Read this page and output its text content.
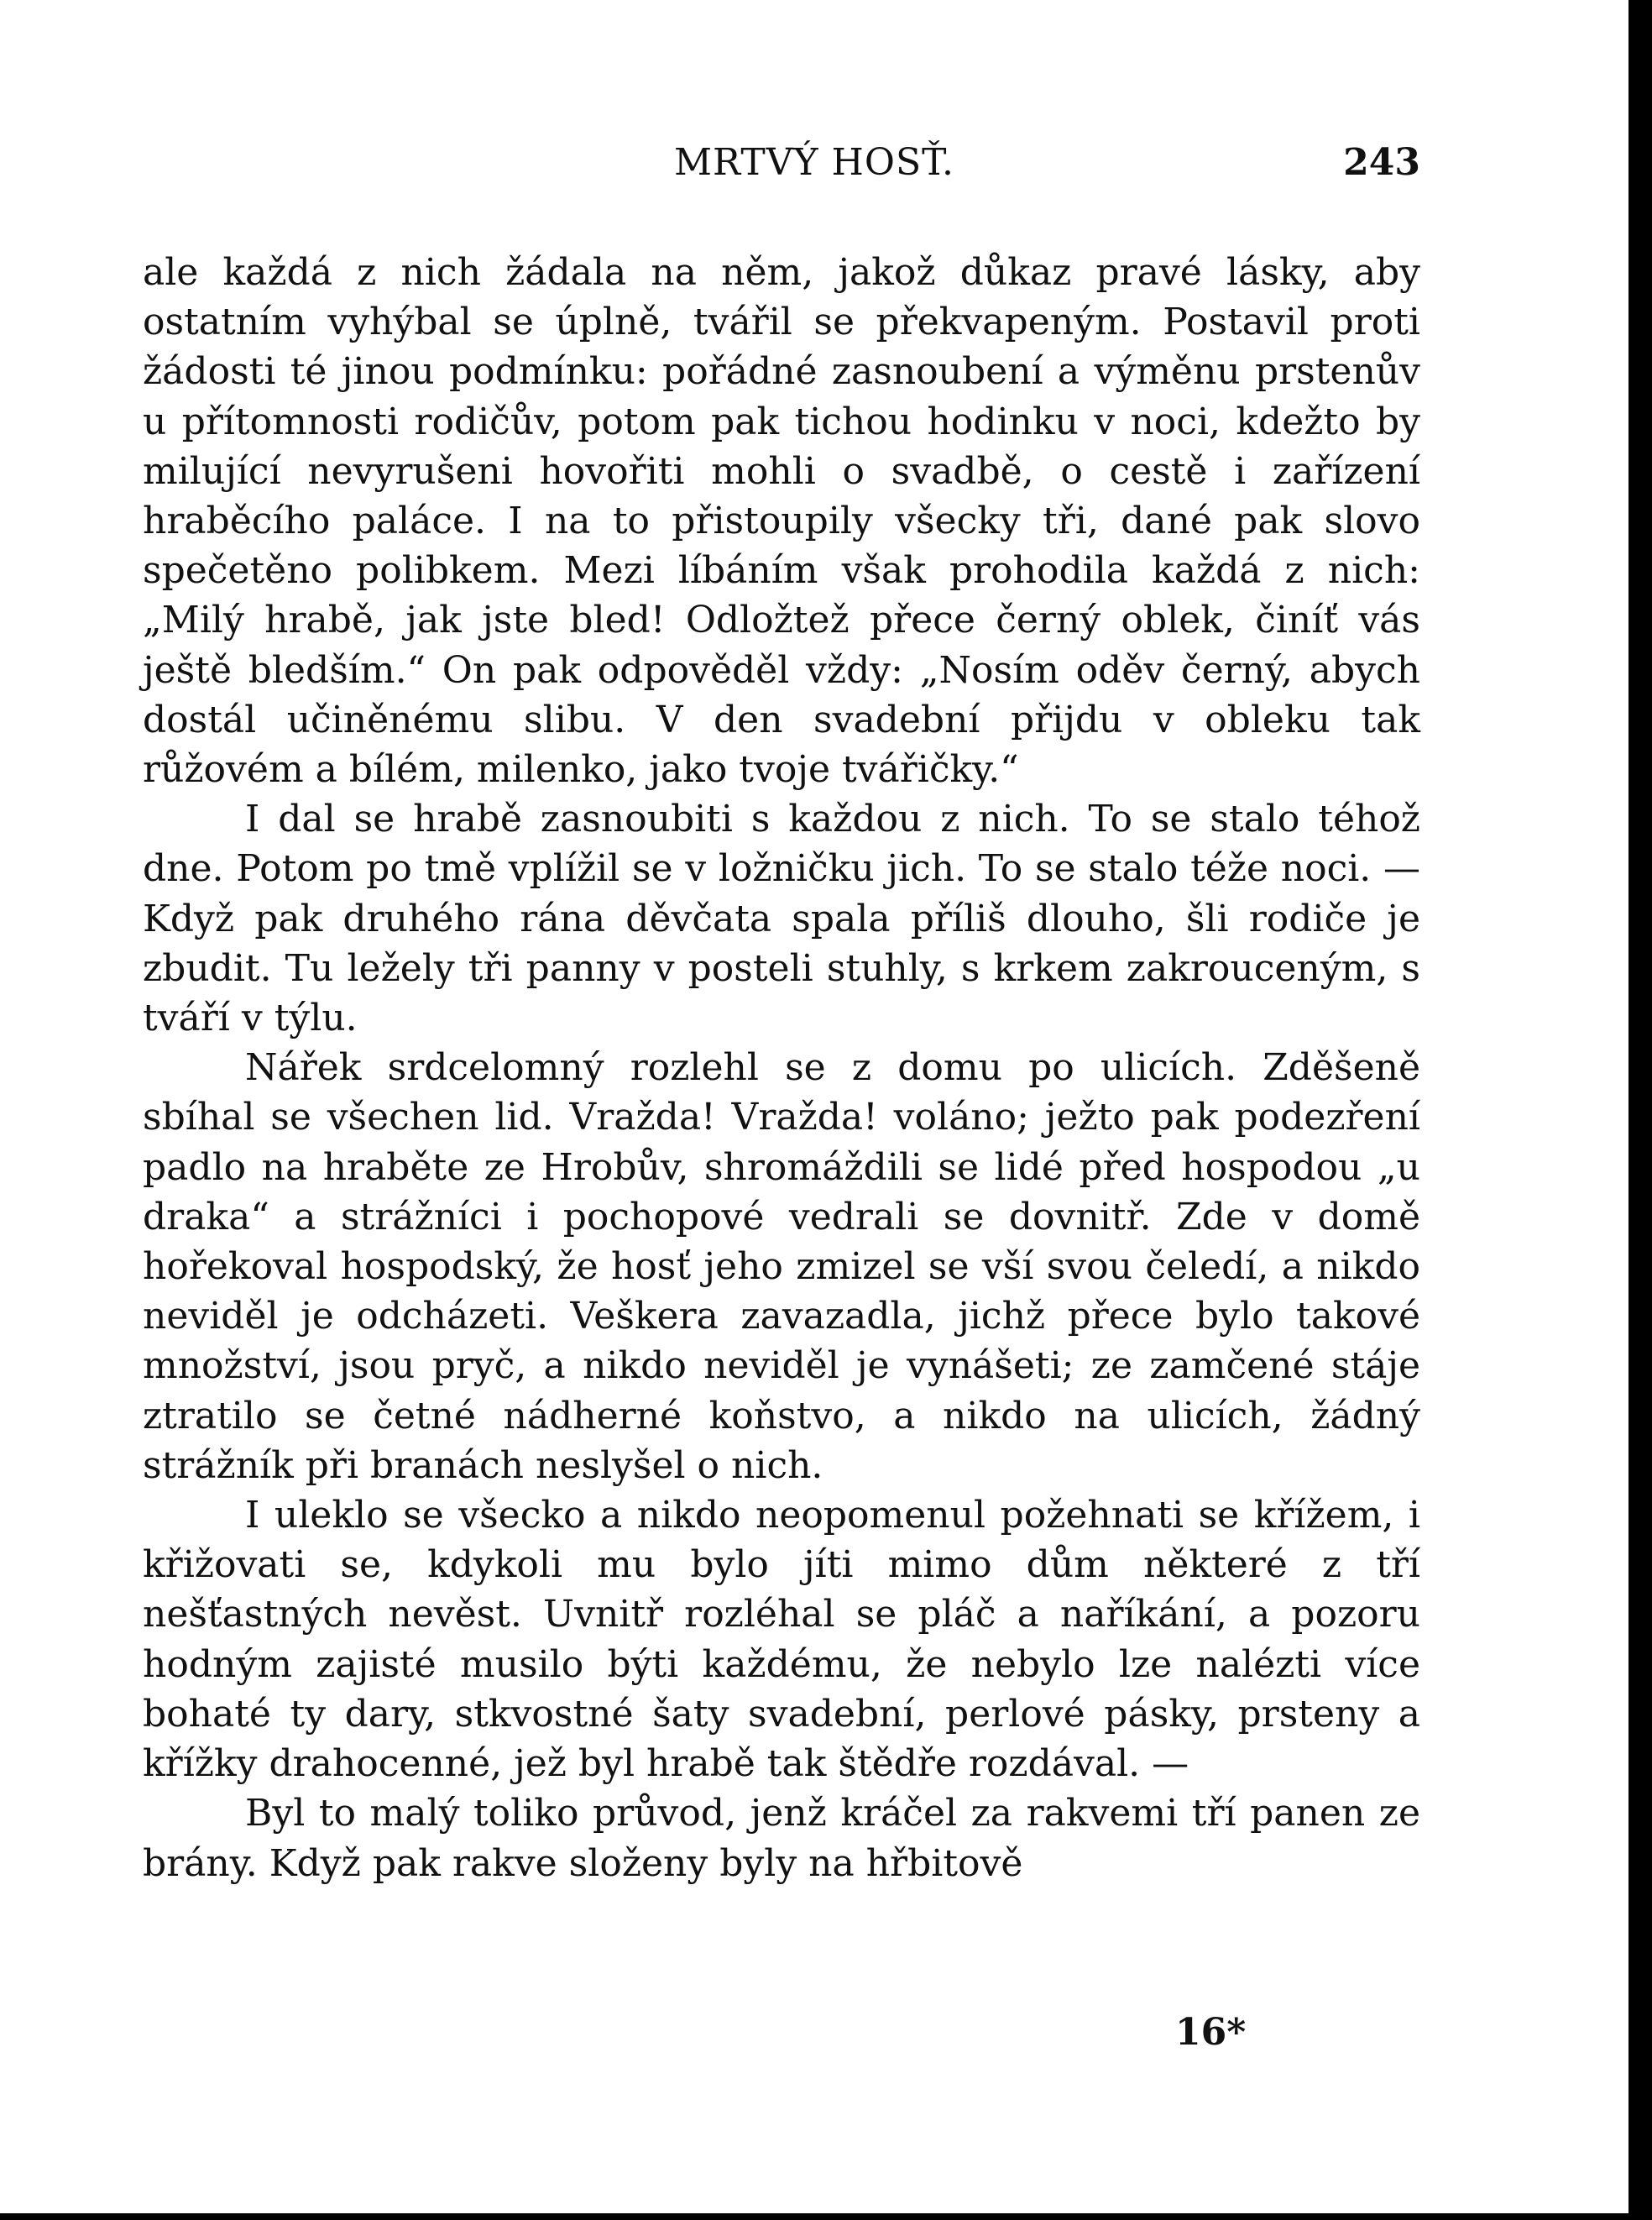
MRTVÝ HOSŤ.	243

ale každá z nich žádala na něm, jakož důkaz pravé lásky, aby ostatním vyhýbal se úplně, tvářil se překvapeným. Postavil proti žádosti té jinou podmínku: pořádné zasnoubení a výměnu prstenův u přítomnosti rodičův, potom pak tichou hodinku v noci, kdežto by milující nevyrušeni hovořiti mohli o svadbě, o cestě i zařízení hraběcího paláce. I na to přistoupily všecky tři, dané pak slovo spečetěno polibkem. Mezi líbáním však prohodila každá z nich: „Milý hrabě, jak jste bled! Odložtež přece černý oblek, činíť vás ještě bledším.“ On pak odpověděl vždy: „Nosím oděv černý, abych dostál učiněnému slibu. V den svadební přijdu v obleku tak růžovém a bílém, milenko, jako tvoje tvářičky.“

I dal se hrabě zasnoubiti s každou z nich. To se stalo téhož dne. Potom po tmě vplížil se v ložničku jich. To se stalo téže noci. — Když pak druhého rána děvčata spala příliš dlouho, šli rodiče je zbudit. Tu ležely tři panny v posteli stuhly, s krkem zakrouceným, s tváří v týlu.

Nářek srdcelomný rozlehl se z domu po ulicích. Zděšeně sbíhal se všechen lid. Vražda! Vražda! voláno; ježto pak podezření padlo na hraběte ze Hrobův, shromáždili se lidé před hospodou „u draka“ a strážníci i pochopové vedrali se dovnitř. Zde v domě hořekoval hospodský, že hosť jeho zmizel se vší svou čeledí, a nikdo neviděl je odcházeti. Veškera zavazadla, jichž přece bylo takové množství, jsou pryč, a nikdo neviděl je vynášeti; ze zamčené stáje ztratilo se četné nádherné koňstvo, a nikdo na ulicích, žádný strážník při branách neslyšel o nich.

I uleklo se všecko a nikdo neopomenul požehnati se křížem, i křižovati se, kdykoli mu bylo jíti mimo dům některé z tří nešťastných nevěst. Uvnitř rozléhal se pláč a naříkání, a pozoru hodným zajisté musilo býti každému, že nebylo lze nalézti více bohaté ty dary, stkvostné šaty svadební, perlové pásky, prsteny a křížky drahocenné, jež byl hrabě tak štědře rozdával. —

Byl to malý toliko průvod, jenž kráčel za rakvemi tří panen ze brány. Když pak rakve složeny byly na hřbitově

16*
